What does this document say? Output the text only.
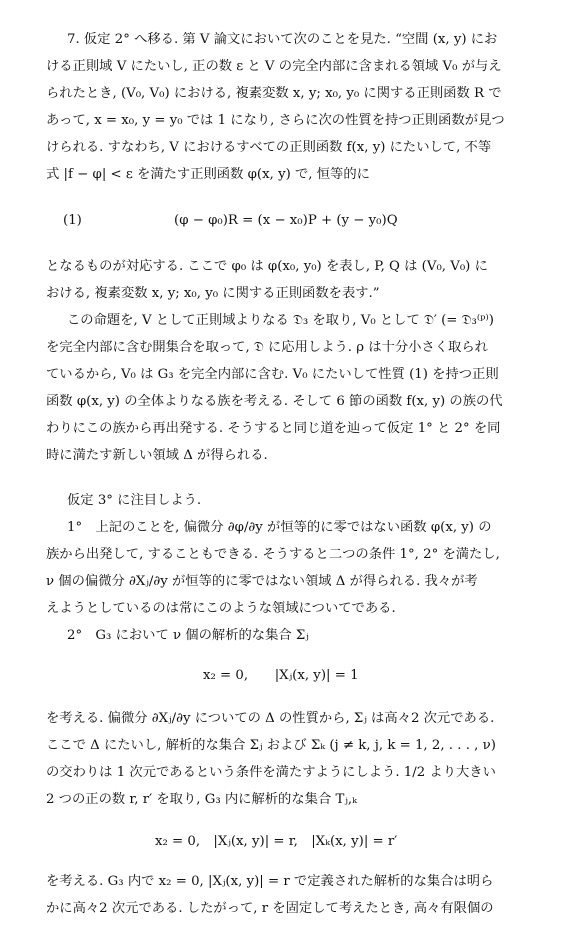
7. 仮定 2° へ移る. 第 V 論文において次のことを見た. “空間 (x, y) にお
ける正則域 V にたいし, 正の数 ε と V の完全内部に含まれる領域 V₀ が与え
られたとき, (V₀, V₀) における, 複素変数 x, y; x₀, y₀ に関する正則函数 R で
あって, x = x₀, y = y₀ では 1 になり, さらに次の性質を持つ正則函数が見つ
けられる. すなわち, V におけるすべての正則函数 f(x, y) にたいして, 不等
式 |f − φ| < ε を満たす正則函数 φ(x, y) で, 恒等的に
(1)	(φ − φ₀)R = (x − x₀)P + (y − y₀)Q
となるものが対応する. ここで φ₀ は φ(x₀, y₀) を表し, P, Q は (V₀, V₀) に
おける, 複素変数 x, y; x₀, y₀ に関する正則函数を表す.”
この命題を, V として正則域よりなる 𝔇₃ を取り, V₀ として 𝔇′ (= 𝔇₃⁽ᵖ⁾)
を完全内部に含む開集合を取って, 𝔇 に応用しよう. ρ は十分小さく取られ
ているから, V₀ は G₃ を完全内部に含む. V₀ にたいして性質 (1) を持つ正則
函数 φ(x, y) の全体よりなる族を考える. そして 6 節の函数 f(x, y) の族の代
わりにこの族から再出発する. そうすると同じ道を辿って仮定 1° と 2° を同
時に満たす新しい領域 Δ が得られる.
仮定 3° に注目しよう.
1°　上記のことを, 偏微分 ∂φ/∂y が恒等的に零ではない函数 φ(x, y) の
族から出発して, することもできる. そうすると二つの条件 1°, 2° を満たし,
ν 個の偏微分 ∂Xⱼ/∂y が恒等的に零ではない領域 Δ が得られる. 我々が考
えようとしているのは常にこのような領域についてである.
2°　G₃ において ν 個の解析的な集合 Σⱼ
x₂ = 0,　　|Xⱼ(x, y)| = 1
を考える. 偏微分 ∂Xⱼ/∂y についての Δ の性質から, Σⱼ は高々2 次元である.
ここで Δ にたいし, 解析的な集合 Σⱼ および Σₖ (j ≠ k, j, k = 1, 2, . . . , ν)
の交わりは 1 次元であるという条件を満たすようにしよう. 1/2 より大きい
2 つの正の数 r, r′ を取り, G₃ 内に解析的な集合 Tⱼ,ₖ
x₂ = 0,　|Xⱼ(x, y)| = r,　|Xₖ(x, y)| = r′
を考える. G₃ 内で x₂ = 0, |Xⱼ(x, y)| = r で定義された解析的な集合は明ら
かに高々2 次元である. したがって, r を固定して考えたとき, 高々有限個の
